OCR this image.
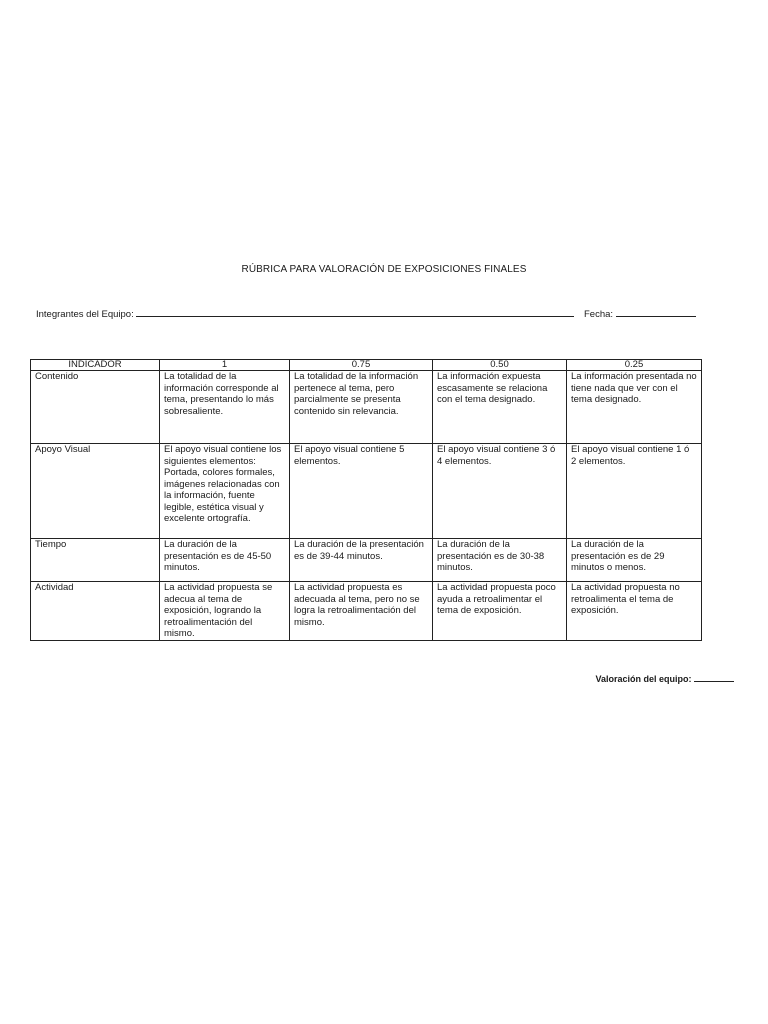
RÚBRICA PARA VALORACIÓN DE EXPOSICIONES FINALES
Integrantes del Equipo:	Fecha:
INDICADOR	1	0.75	0.50	0.25
Contenido	La totalidad de la información corresponde al tema, presentando lo más sobresaliente.	La totalidad de la información pertenece al tema, pero parcialmente se presenta contenido sin relevancia.	La información expuesta escasamente se relaciona con el tema designado.	La información presentada no tiene nada que ver con el tema designado.
Apoyo Visual	El apoyo visual contiene los siguientes elementos: Portada, colores formales, imágenes relacionadas con la información, fuente legible, estética visual y excelente ortografía.	El apoyo visual contiene 5 elementos.	El apoyo visual contiene 3 ó 4 elementos.	El apoyo visual contiene 1 ó 2 elementos.
Tiempo	La duración de la presentación es de 45-50 minutos.	La duración de la presentación es de 39-44 minutos.	La duración de la presentación es de 30-38 minutos.	La duración de la presentación es de 29 minutos o menos.
Actividad	La actividad propuesta se adecua al tema de exposición, logrando la retroalimentación del mismo.	La actividad propuesta es adecuada al tema, pero no se logra la retroalimentación del mismo.	La actividad propuesta poco ayuda a retroalimentar el tema de exposición.	La actividad propuesta no retroalimenta el tema de exposición.
Valoración del equipo:
